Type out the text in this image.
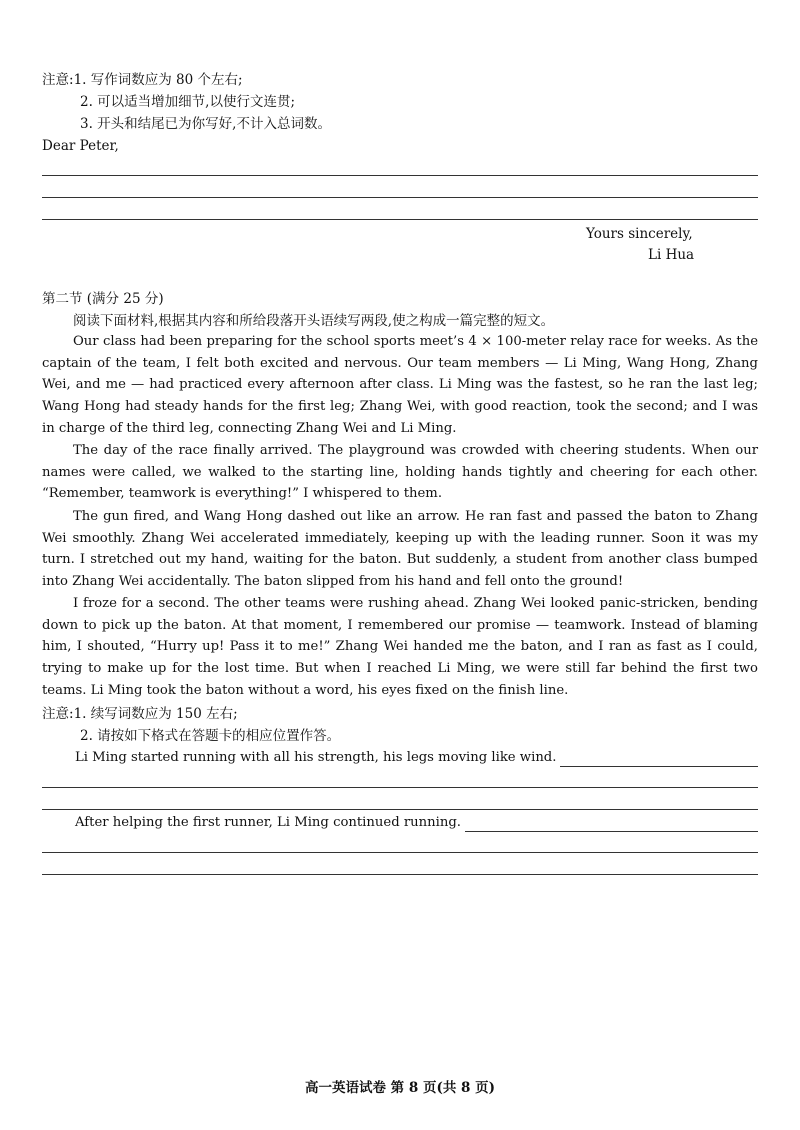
注意:1. 写作词数应为 80 个左右;
2. 可以适当增加细节,以使行文连贯;
3. 开头和结尾已为你写好,不计入总词数。
Dear Peter,
Yours sincerely,
Li Hua
第二节 (满分 25 分)
阅读下面材料,根据其内容和所给段落开头语续写两段,使之构成一篇完整的短文。
Our class had been preparing for the school sports meet’s 4 × 100-meter relay race for weeks. As the captain of the team, I felt both excited and nervous. Our team members — Li Ming, Wang Hong, Zhang Wei, and me — had practiced every afternoon after class. Li Ming was the fastest, so he ran the last leg; Wang Hong had steady hands for the first leg; Zhang Wei, with good reaction, took the second; and I was in charge of the third leg, connecting Zhang Wei and Li Ming.
The day of the race finally arrived. The playground was crowded with cheering students. When our names were called, we walked to the starting line, holding hands tightly and cheering for each other. “Remember, teamwork is everything!” I whispered to them.
The gun fired, and Wang Hong dashed out like an arrow. He ran fast and passed the baton to Zhang Wei smoothly. Zhang Wei accelerated immediately, keeping up with the leading runner. Soon it was my turn. I stretched out my hand, waiting for the baton. But suddenly, a student from another class bumped into Zhang Wei accidentally. The baton slipped from his hand and fell onto the ground!
I froze for a second. The other teams were rushing ahead. Zhang Wei looked panic-stricken, bending down to pick up the baton. At that moment, I remembered our promise — teamwork. Instead of blaming him, I shouted, “Hurry up! Pass it to me!” Zhang Wei handed me the baton, and I ran as fast as I could, trying to make up for the lost time. But when I reached Li Ming, we were still far behind the first two teams. Li Ming took the baton without a word, his eyes fixed on the finish line.
注意:1. 续写词数应为 150 左右;
2. 请按如下格式在答题卡的相应位置作答。
Li Ming started running with all his strength, his legs moving like wind.
After helping the first runner, Li Ming continued running.
高一英语试卷 第 8 页(共 8 页)
